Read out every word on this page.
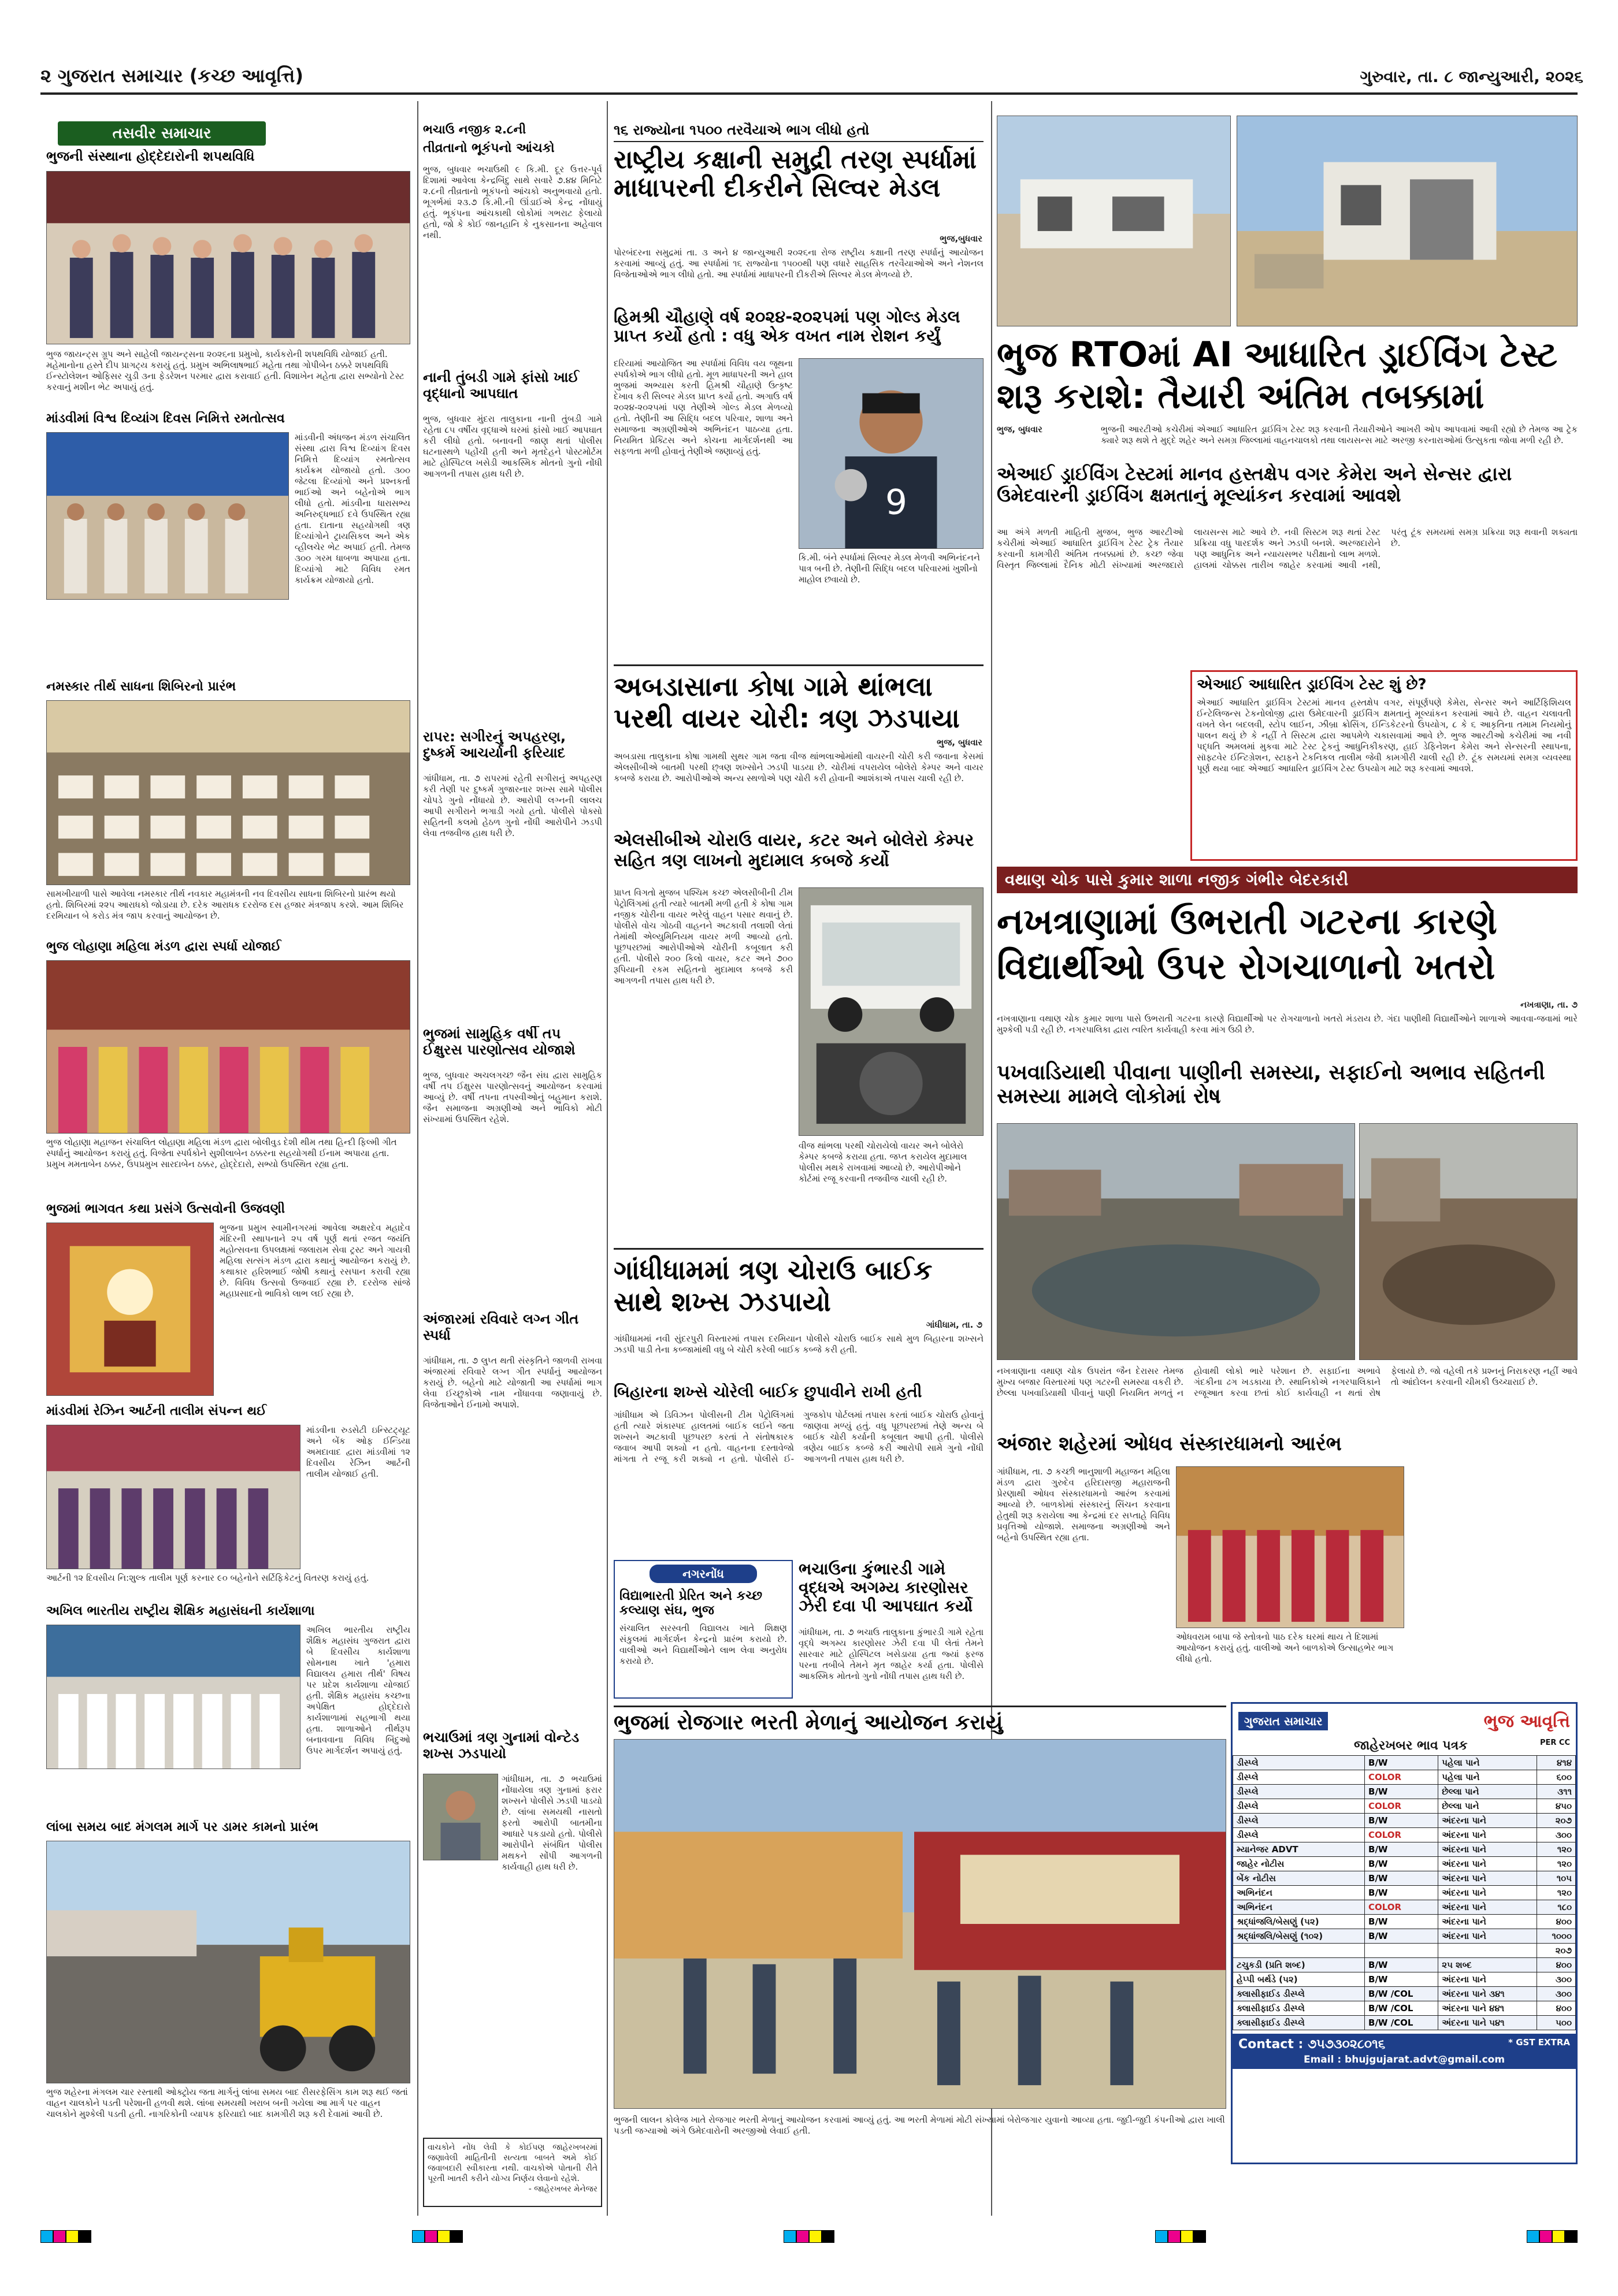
૨ ગુજરાત સમાચાર (કચ્છ આવૃત્તિ)	ગુરુવાર, તા. ૮ જાન્યુઆરી, ૨૦૨૬
તસવીર સમાચાર
ભુજની સંસ્થાના હોદ્દેદારોની શપથવિધિ
ભુજ જાયન્ટ્સ ગ્રૂપ અને સાહેલી જાયન્ટ્સના ૨૦૨૬ના પ્રમુખો, કાર્યકરોની શપથવિધિ યોજાઈ હતી. મહેમાનોના હસ્તે દીપ પ્રાગટ્ય કરાયું હતું. પ્રમુખ અભિલાષભાઈ મહેતા તથા ગોપીબેન ઠક્કરે શપથવિધિ ઈન્સ્ટોલેશન ઓફિસર ચુડી ૩ના ફેડરેશન પરમાર દ્વારા કરાવાઈ હતી. વિશાખેન મહેતા દ્વારા સભ્યોનો ટેસ્ટ કરવાનું મશીન ભેટ અપાયું હતું.
માંડવીમાં વિશ્વ દિવ્યાંગ દિવસ નિમિત્તે રમતોત્સવ
માંડવીની અંધજન મંડળ સંચાલિત સંસ્થા દ્વારા વિશ્વ દિવ્યાંગ દિવસ નિમિત્તે દિવ્યાંગ રમતોત્સવ કાર્યક્રમ યોજાયો હતો. ૩૦૦ જેટલા દિવ્યાંગો અને પ્રશ્નકર્તા ભાઈઓ અને બહેનોએ ભાગ લીધો હતો. માંડવીના ધારાસભ્ય અનિરુદ્ધભાઈ દવે ઉપસ્થિત રહ્યા હતા. દાતાના સહયોગથી ત્રણ દિવ્યાંગોને ટ્રાયસિકલ અને એક વ્હીલચેર ભેટ અપાઈ હતી. તેમજ ૩૦૦ ગરમ ધાબળા અપાયા હતા. દિવ્યાંગો માટે વિવિધ રમત કાર્યક્રમ યોજાયો હતો.
નમસ્કાર તીર્થ સાધના શિબિરનો પ્રારંભ
સામખીયાળી પાસે આવેલા નમસ્કાર તીર્થ નવકાર મહામંત્રની નવ દિવસીય સાધના શિબિરનો પ્રારંભ થયો હતો. શિબિરમાં ૨૨૫ આરાધકો જોડાયા છે. દરેક આરાધક દરરોજ દસ હજાર મંત્રજાપ કરશે. આમ શિબિર દરમિયાન બે કરોડ મંત્ર જાપ કરવાનું આયોજન છે.
ભુજ લોહાણા મહિલા મંડળ દ્વારા સ્પર્ધા યોજાઈ
ભુજ લોહાણા મહાજન સંચાલિત લોહાણા મહિલા મંડળ દ્વારા બોલીવુડ દેશી થીમ તથા હિન્દી ફિલ્મી ગીત સ્પર્ધાનું આયોજન કરાયું હતું. વિજેતા સ્પર્ધકોને સુશીલાબેન ઠક્કરના સહયોગથી ઈનામ અપાયા હતા. પ્રમુખ મમતાબેન ઠક્કર, ઉપપ્રમુખ સારદાબેન ઠક્કર, હોદ્દેદારો, સભ્યો ઉપસ્થિત રહ્યા હતા.
ભુજમાં ભાગવત કથા પ્રસંગે ઉત્સવોની ઉજવણી
ભુજના પ્રમુખ સ્વામીનગરમાં આવેલા અક્ષરદેવ મહાદેવ મંદિરની સ્થાપનાને ૨૫ વર્ષ પૂર્ણ થતાં રજત જયંતિ મહોત્સવના ઉપલક્ષમાં જલારામ સેવા ટ્રસ્ટ અને ગાયત્રી મહિલા સત્સંગ મંડળ દ્વારા કથાનું આયોજન કરાયું છે. કથાકાર હરિશભાઈ જોષી કથાનું રસપાન કરાવી રહ્યા છે. વિવિધ ઉત્સવો ઉજવાઈ રહ્યા છે. દરરોજ સાંજે મહાપ્રસાદનો ભાવિકો લાભ લઈ રહ્યા છે.
માંડવીમાં રેઝિન આર્ટની તાલીમ સંપન્ન થઈ
માંડવીના રુડસેટી ઇન્સ્ટિટ્યૂટ અને બેંક ઓફ ઈન્ડિયા અમદાવાદ દ્વારા માંડવીમાં ૧૨ દિવસીય રેઝિન આર્ટની તાલીમ યોજાઈ હતી.
આર્ટની ૧૨ દિવસીય નિ:શુલ્ક તાલીમ પૂર્ણ કરનાર ૯૦ બહેનોને સર્ટિફિકેટનું વિતરણ કરાયું હતું.
અખિલ ભારતીય રાષ્ટ્રીય શૈક્ષિક મહાસંઘની કાર્યશાળા
અખિલ ભારતીય રાષ્ટ્રીય શૈક્ષિક મહાસંઘ ગુજરાત દ્વારા બે દિવસીય કાર્યશાળા સોમનાથ ખાતે 'હમારા વિદ્યાલય હમારા તીર્થ' વિષય પર પ્રદેશ કાર્યશાળા યોજાઈ હતી. શૈક્ષિક મહાસંઘ કચ્છના અપેક્ષિત હોદ્દેદારો કાર્યશાળામાં સહભાગી થયા હતા. શાળાઓને તીર્થરૂપ બનાવવાના વિવિધ બિંદુઓ ઉપર માર્ગદર્શન અપાયું હતું.
લાંબા સમય બાદ મંગલમ માર્ગ પર ડામર કામનો પ્રારંભ
ભુજ શહેરના મંગલમ ચાર રસ્તાથી ઓક્ટ્રોય જતા માર્ગનું લાંબા સમય બાદ રીસરફેસિંગ કામ શરૂ થઈ જતાં વાહન ચાલકોને પડતી પરેશાની હળવી થશે. લાંબા સમયથી ખરાબ બની ગયેલા આ માર્ગ પર વાહન ચાલકોને મુશ્કેલી પડતી હતી. નાગરિકોની વ્યાપક ફરિયાદો બાદ કામગીરી શરૂ કરી દેવામાં આવી છે.
ભચાઉ નજીક ૨.૮ની
તીવ્રતાનો ભૂકંપનો આંચકો
ભુજ, બુધવાર ભચાઉથી ૯ કિ.મી. દૂર ઉત્તર-પૂર્વ દિશામાં આવેલા કેન્દ્રબિંદુ સાથે સવારે ૭.૪૪ મિનિટે ૨.૮ની તીવ્રતાનો ભૂકંપનો આંચકો અનુભવાયો હતો. ભૂગર્ભમાં ૨૩.૭ કિ.મી.ની ઊંડાઈએ કેન્દ્ર નોંધાયું હતું. ભૂકંપના આંચકાથી લોકોમાં ગભરાટ ફેલાયો હતો, જો કે કોઈ જાનહાનિ કે નુકસાનના અહેવાલ નથી.
નાની તુંબડી ગામે ફાંસો ખાઈ વૃદ્ધાનો આપઘાત
ભુજ, બુધવાર મુંદરા તાલુકાના નાની તુંબડી ગામે રહેતા ૮૫ વર્ષીય વૃદ્ધાએ ઘરમાં ફાંસો ખાઈ આપઘાત કરી લીધો હતો. બનાવની જાણ થતાં પોલીસ ઘટનાસ્થળે પહોંચી હતી અને મૃતદેહને પોસ્ટમોર્ટમ માટે હોસ્પિટલ ખસેડી આકસ્મિક મોતનો ગુનો નોંધી આગળની તપાસ હાથ ધરી છે.
રાપર: સગીરનું અપહરણ, દુષ્કર્મ આચર્યાની ફરિયાદ
ગાંધીધામ, તા. ૭ રાપરમાં રહેતી સગીરાનું અપહરણ કરી તેણી પર દુષ્કર્મ ગુજારનાર શખ્સ સામે પોલીસ ચોપડે ગુનો નોંધાયો છે. આરોપી લગ્નની લાલચ આપી સગીરાને ભગાડી ગયો હતો. પોલીસે પોક્સો સહિતની કલમો હેઠળ ગુનો નોંધી આરોપીને ઝડપી લેવા તજવીજ હાથ ધરી છે.
ભુજમાં સામુહિક વર્ષી તપ ઈક્ષુરસ પારણોત્સવ યોજાશે
ભુજ, બુધવાર અચલગચ્છ જૈન સંઘ દ્વારા સામુહિક વર્ષી તપ ઈક્ષુરસ પારણોત્સવનું આયોજન કરવામાં આવ્યું છે. વર્ષી તપના તપસ્વીઓનું બહુમાન કરાશે. જૈન સમાજના અગ્રણીઓ અને ભાવિકો મોટી સંખ્યામાં ઉપસ્થિત રહેશે.
અંજારમાં રવિવારે લગ્ન ગીત સ્પર્ધા
ગાંધીધામ, તા. ૭ લુપ્ત થતી સંસ્કૃતિને જાળવી રાખવા અંજારમાં રવિવારે લગ્ન ગીત સ્પર્ધાનું આયોજન કરાયું છે. બહેનો માટે યોજાતી આ સ્પર્ધામાં ભાગ લેવા ઈચ્છુકોએ નામ નોંધાવવા જણાવાયું છે. વિજેતાઓને ઈનામો અપાશે.
ભચાઉમાં ત્રણ ગુનામાં વોન્ટેડ શખ્સ ઝડપાયો
ગાંધીધામ, તા. ૭ ભચાઉમાં નોંધાયેલા ત્રણ ગુનામાં ફરાર શખ્સને પોલીસે ઝડપી પાડયો છે. લાંબા સમયથી નાસતો ફરતો આરોપી બાતમીના આધારે પકડાયો હતો. પોલીસે આરોપીને સંબંધિત પોલીસ મથકને સોંપી આગળની કાર્યવાહી હાથ ધરી છે.
વાચકોને નોંધ લેવી કે કોઈપણ જાહેરખબરમાં જણાવેલી માહિતીની સત્યતા બાબતે અમે કોઈ જવાબદારી સ્વીકારતા નથી. વાચકોએ પોતાની રીતે પૂરતી ખાતરી કરીને યોગ્ય નિર્ણય લેવાનો રહેશે.
- જાહેરખબર મેનેજર
૧૬ રાજ્યોના ૧૫૦૦ તરવૈયાએ ભાગ લીધો હતો
રાષ્ટ્રીય કક્ષાની સમુદ્રી તરણ સ્પર્ધામાં માધાપરની દીકરીને સિલ્વર મેડલ
ભુજ,બુધવાર
પોરબંદરના સમુદ્રમાં તા. ૩ અને ૪ જાન્યુઆરી ૨૦૨૬ના રોજ રાષ્ટ્રીય કક્ષાની તરણ સ્પર્ધાનું આયોજન કરવામાં આવ્યું હતું. આ સ્પર્ધામાં ૧૬ રાજ્યોના ૧૫૦૦થી પણ વધારે સાહસિક તરવૈયાઓએ અને નેશનલ વિજેતાઓએ ભાગ લીધો હતો. આ સ્પર્ધામાં માધાપરની દીકરીએ સિલ્વર મેડલ મેળવ્યો છે.
હિમશ્રી ચૌહાણે વર્ષ ૨૦૨૪-૨૦૨૫માં પણ ગોલ્ડ મેડલ પ્રાપ્ત કર્યો હતો : વધુ એક વખત નામ રોશન કર્યું
દરિયામાં આયોજિત આ સ્પર્ધામાં વિવિધ વય જૂથના સ્પર્ધકોએ ભાગ લીધો હતો. મૂળ માધાપરની અને હાલ ભુજમાં અભ્યાસ કરતી હિમશ્રી ચૌહાણે ઉત્કૃષ્ટ દેખાવ કરી સિલ્વર મેડલ પ્રાપ્ત કર્યો હતો. અગાઉ વર્ષ ૨૦૨૪-૨૦૨૫માં પણ તેણીએ ગોલ્ડ મેડલ મેળવ્યો હતો. તેણીની આ સિદ્ધિ બદલ પરિવાર, શાળા અને સમાજના અગ્રણીઓએ અભિનંદન પાઠવ્યા હતા. નિયમિત પ્રેક્ટિસ અને કોચના માર્ગદર્શનથી આ સફળતા મળી હોવાનું તેણીએ જણાવ્યું હતું.
9
કિ.મી. બંને સ્પર્ધામાં સિલ્વર મેડલ મેળવી અભિનંદનને પાત્ર બની છે. તેણીની સિદ્ધિ બદલ પરિવારમાં ખુશીનો માહોલ છવાયો છે.
અબડાસાના કોષા ગામે થાંભલા પરથી વાયર ચોરી: ત્રણ ઝડપાયા
ભુજ, બુધવાર
અબડાસા તાલુકાના કોષા ગામથી સુથર ગામ જતા વીજ થાંભલાઓમાંથી વાયરની ચોરી કરી જવાના કેસમાં એલસીબીએ બાતમી પરથી છ્ત્રણ શખ્સોને ઝડપી પાડયા છે. ચોરીમાં વપરાયેલ બોલેરો કેમ્પર અને વાયર કબજે કરાયા છે. આરોપીઓએ અન્ય સ્થળોએ પણ ચોરી કરી હોવાની આશંકાએ તપાસ ચાલી રહી છે.
એલસીબીએ ચોરાઉ વાયર, કટર અને બોલેરો કેમ્પર સહિત ત્રણ લાખનો મુદામાલ કબજે કર્યો
પ્રાપ્ત વિગતો મુજબ પશ્ચિમ કચ્છ એલસીબીની ટીમ પેટ્રોલિંગમાં હતી ત્યારે બાતમી મળી હતી કે કોષા ગામ નજીક ચોરીના વાયર ભરેલું વાહન પસાર થવાનું છે. પોલીસે વોચ ગોઠવી વાહનને અટકાવી તલાશી લેતાં તેમાંથી એલ્યુમિનિયમ વાયર મળી આવ્યો હતો. પૂછપરછમાં આરોપીઓએ ચોરીની કબૂલાત કરી હતી. પોલીસે ૨૦૦ કિલો વાયર, કટર અને ૭૦૦ રૂપિયાની રકમ સહિતનો મુદામાલ કબજે કરી આગળની તપાસ હાથ ધરી છે.
વીજ થાંભલા પરથી ચોરાયેલો વાયર અને બોલેરો કેમ્પર કબજે કરાયા હતા. જપ્ત કરાયેલ મુદામાલ પોલીસ મથકે રાખવામાં આવ્યો છે. આરોપીઓને કોર્ટમાં રજૂ કરવાની તજવીજ ચાલી રહી છે.
ગાંધીધામમાં ત્રણ ચોરાઉ બાઈક સાથે શખ્સ ઝડપાયો
ગાંધીધામ, તા. ૭
ગાંધીધામમાં નવી સુંદરપુરી વિસ્તારમાં તપાસ દરમિયાન પોલીસે ચોરાઉ બાઈક સાથે મુળ બિહારના શખ્સને ઝડપી પાડી તેના કબ્જામાંથી વધુ બે ચોરી કરેલી બાઈક કબ્જે કરી હતી.
બિહારના શખ્સે ચોરેલી બાઈક છુપાવીને રાખી હતી
ગાંધીધામ એ ડિવિઝન પોલીસની ટીમ પેટ્રોલિંગમાં હતી ત્યારે શંકાસ્પદ હાલતમાં બાઈક લઈને જતા શખ્સને અટકાવી પૂછપરછ કરતાં તે સંતોષકારક જવાબ આપી શક્યો ન હતો. વાહનના દસ્તાવેજો માંગતા તે રજૂ કરી શક્યો ન હતો. પોલીસે ઈ-ગુજકોપ પોર્ટલમાં તપાસ કરતાં બાઈક ચોરાઉ હોવાનું જાણવા મળ્યું હતું. વધુ પૂછપરછમાં તેણે અન્ય બે બાઈક ચોરી કર્યાની કબૂલાત આપી હતી. પોલીસે ત્રણેય બાઈક કબ્જે કરી આરોપી સામે ગુનો નોંધી આગળની તપાસ હાથ ધરી છે.
નગરનોંધ
વિદ્યાભારતી પ્રેરિત અને કચ્છ કલ્યાણ સંઘ, ભુજ
સંચાલિત સરસ્વતી વિદ્યાલય ખાતે શિક્ષણ સંકુલમાં માર્ગદર્શન કેન્દ્રનો પ્રારંભ કરાયો છે. વાલીઓ અને વિદ્યાર્થીઓને લાભ લેવા અનુરોધ કરાયો છે.
ભચાઉના કુંભારડી ગામે વૃદ્ધએ અગમ્ય કારણોસર ઝેરી દવા પી આપઘાત કર્યો
ગાંધીધામ, તા. ૭ ભચાઉ તાલુકાના કુંભારડી ગામે રહેતા વૃદ્ધે અગમ્ય કારણોસર ઝેરી દવા પી લેતાં તેમને સારવાર માટે હોસ્પિટલ ખસેડાયા હતા જ્યાં ફરજ પરના તબીબે તેમને મૃત જાહેર કર્યા હતા. પોલીસે આકસ્મિક મોતનો ગુનો નોંધી તપાસ હાથ ધરી છે.
ભુજમાં રોજગાર ભરતી મેળાનું આયોજન કરાયું
ભુજની લાલન કોલેજ ખાતે રોજગાર ભરતી મેળાનું આયોજન કરવામાં આવ્યું હતું. આ ભરતી મેળામાં મોટી સંખ્યામાં બેરોજગાર યુવાનો આવ્યા હતા. જુદી-જુદી કંપનીઓ દ્વારા ખાલી પડતી જગ્યાઓ અંગે ઉમેદવારોની અરજીઓ લેવાઈ હતી.
ભુજ RTOમાં AI આધારિત ડ્રાઈવિંગ ટેસ્ટ શરૂ કરાશે: તૈયારી અંતિમ તબક્કામાં
ભુજ, બુધવાર	ભુજની આરટીઓ કચેરીમાં એઆઈ આધારિત ડ્રાઈવિંગ ટેસ્ટ શરૂ કરવાની તૈયારીઓને આખરી ઓપ આપવામાં આવી રહ્યો છે તેમજ આ ટ્રેક ક્યારે શરૂ થશે તે મુદ્દે શહેર અને સમગ્ર જિલ્લામાં વાહનચાલકો તથા લાયસન્સ માટે અરજી કરનારાઓમાં ઉત્સુકતા જોવા મળી રહી છે.
એઆઈ ડ્રાઈવિંગ ટેસ્ટમાં માનવ હસ્તક્ષેપ વગર કેમેરા અને સેન્સર દ્વારા ઉમેદવારની ડ્રાઈવિંગ ક્ષમતાનું મૂલ્યાંકન કરવામાં આવશે
આ અંગે મળતી માહિતી મુજબ, ભુજ આરટીઓ કચેરીમાં એઆઈ આધારિત ડ્રાઈવિંગ ટેસ્ટ ટ્રેક તૈયાર કરવાની કામગીરી અંતિમ તબક્કામાં છે. કચ્છ જેવા વિસ્તૃત જિલ્લામાં દૈનિક મોટી સંખ્યામાં અરજદારો લાયસન્સ માટે આવે છે. નવી સિસ્ટમ શરૂ થતાં ટેસ્ટ પ્રક્રિયા વધુ પારદર્શક અને ઝડપી બનશે. અરજદારોને પણ આધુનિક અને ન્યાયસભર પરીક્ષાનો લાભ મળશે. હાલમાં ચોક્કસ તારીખ જાહેર કરવામાં આવી નથી, પરંતુ ટૂંક સમયમાં સમગ્ર પ્રક્રિયા શરૂ થવાની શક્યતા છે.
એઆઈ આધારિત ડ્રાઈવિંગ ટેસ્ટ શું છે?
એઆઈ આધારિત ડ્રાઈવિંગ ટેસ્ટમાં માનવ હસ્તક્ષેપ વગર, સંપૂર્ણપણે કેમેરા, સેન્સર અને આર્ટિફિશિયલ ઈન્ટેલિજન્સ ટેકનોલોજી દ્વારા ઉમેદવારની ડ્રાઈવિંગ ક્ષમતાનું મૂલ્યાંકન કરવામાં આવે છે. વાહન ચલાવતી વખતે લેન બદલવી, સ્ટોપ લાઈન, ઝીબ્રા ક્રોસિંગ, ઈન્ડિકેટરનો ઉપયોગ, ૮ કે ૬ આકૃતિના તમામ નિયમોનું પાલન થયું છે કે નહીં તે સિસ્ટમ દ્વારા આપમેળે ચકાસવામાં આવે છે. ભુજ આરટીઓ કચેરીમાં આ નવી પદ્ધતિ અમલમાં મુકવા માટે ટેસ્ટ ટ્રેકનું આધુનિકીકરણ, હાઈ ડેફિનેશન કેમેરા અને સેન્સરની સ્થાપના, સૉફ્ટવેર ઈન્ટિગ્રેશન, સ્ટાફને ટેકનિકલ તાલીમ જેવી કામગીરી ચાલી રહી છે. ટૂંક સમયમાં સમગ્ર વ્યવસ્થા પૂર્ણ થયા બાદ એઆઈ આધારિત ડ્રાઈવિંગ ટેસ્ટ ઉપયોગ માટે શરૂ કરવામાં આવશે.
વથાણ ચોક પાસે કુમાર શાળા નજીક ગંભીર બેદરકારી
નખત્રાણામાં ઉભરાતી ગટરના કારણે વિદ્યાર્થીઓ ઉપર રોગચાળાનો ખતરો
નખત્રાણા, તા. ૭
નખત્રાણાના વથાણ ચોક કુમાર શાળા પાસે ઉભરાતી ગટરના કારણે વિદ્યાર્થીઓ પર રોગચાળાનો ખતરો મંડરાય છે. ગંદા પાણીથી વિદ્યાર્થીઓને શાળાએ આવવા-જવામાં ભારે મુશ્કેલી પડી રહી છે. નગરપાલિકા દ્વારા ત્વરિત કાર્યવાહી કરવા માંગ ઉઠી છે.
પખવાડિયાથી પીવાના પાણીની સમસ્યા, સફાઈનો અભાવ સહિતની સમસ્યા મામલે લોકોમાં રોષ
નખત્રાણાના વથાણ ચોક ઉપરાંત જૈન દેરાસર તેમજ મુખ્ય બજાર વિસ્તારમાં પણ ગટરની સમસ્યા વકરી છે. છેલ્લા પખવાડિયાથી પીવાનું પાણી નિયમિત મળતું ન હોવાથી લોકો ભારે પરેશાન છે. સફાઈના અભાવે ગંદકીના ઢગ ખડકાયા છે. સ્થાનિકોએ નગરપાલિકાને રજૂઆત કરવા છતાં કોઈ કાર્યવાહી ન થતાં રોષ ફેલાયો છે. જો વહેલી તકે પ્રશ્નનું નિરાકરણ નહીં આવે તો આંદોલન કરવાની ચીમકી ઉચ્ચારાઈ છે.
અંજાર શહેરમાં ઓધવ સંસ્કારધામનો આરંભ
ગાંધીધામ, તા. ૭ કચ્છી ભાનુશાળી મહાજન મહિલા મંડળ દ્વારા ગુરુદેવ હરિદાસજી મહારાજની પ્રેરણાથી ઓધવ સંસ્કારધામનો આરંભ કરવામાં આવ્યો છે. બાળકોમાં સંસ્કારનું સિંચન કરવાના હેતુથી શરૂ કરાયેલા આ કેન્દ્રમાં દર સપ્તાહે વિવિધ પ્રવૃત્તિઓ યોજાશે. સમાજના અગ્રણીઓ અને બહેનો ઉપસ્થિત રહ્યા હતા.
ઓધવરામ બાપા જે સ્તોત્રનો પાઠ દરેક ઘરમાં થાય તે દિશામાં આયોજન કરાયું હતું. વાલીઓ અને બાળકોએ ઉત્સાહભેર ભાગ લીધો હતો.
ગુજરાત સમાચાર	ભુજ આવૃત્તિ
જાહેરખબર ભાવ પત્રક	PER CC
ડીસ્પ્લે	B/W	પહેલા પાને	૪૧૪
ડીસ્પ્લે	COLOR	પહેલા પાને	૬૦૦
ડીસ્પ્લે	B/W	છેલ્લા પાને	૩૧૧
ડીસ્પ્લે	COLOR	છેલ્લા પાને	૪૫૦
ડીસ્પ્લે	B/W	અંદરના પાને	૨૦૭
ડીસ્પ્લે	COLOR	અંદરના પાને	૩૦૦
મ્યાનેજર ADVT	B/W	અંદરના પાને	૧૨૦
જાહેર નોટીસ	B/W	અંદરના પાને	૧૨૦
બેંક નોટીસ	B/W	અંદરના પાને	૧૦૫
અભિનંદન	B/W	અંદરના પાને	૧૨૦
અભિનંદન	COLOR	અંદરના પાને	૧૮૦
શ્રદ્ધાંજલિ/બેસણું (૫૨)	B/W	અંદરના પાને	૪૦૦
શ્રદ્ધાંજલિ/બેસણું (૧૦૨)	B/W	અંદરના પાને	૧૦૦૦
			૨૦૭
ટચુકડી (પ્રતિ શબ્દ)	B/W	૨૫ શબ્દ	૪૦૦
હેપ્પી બર્થડે (૫૨)	B/W	અંદરના પાને	૩૦૦
ક્લાસીફાઈડ ડીસ્પ્લે	B/W /COL	અંદરના પાને ૩૪૧	૩૦૦
ક્લાસીફાઈડ ડીસ્પ્લે	B/W /COL	અંદરના પાને ૪૪૧	૪૦૦
ક્લાસીફાઈડ ડીસ્પ્લે	B/W /COL	અંદરના પાને ૫૪૧	૫૦૦
Contact : ૭૫૭૩૦૨૮૦૧૬	* GST EXTRA
Email : bhujgujarat.advt@gmail.com
